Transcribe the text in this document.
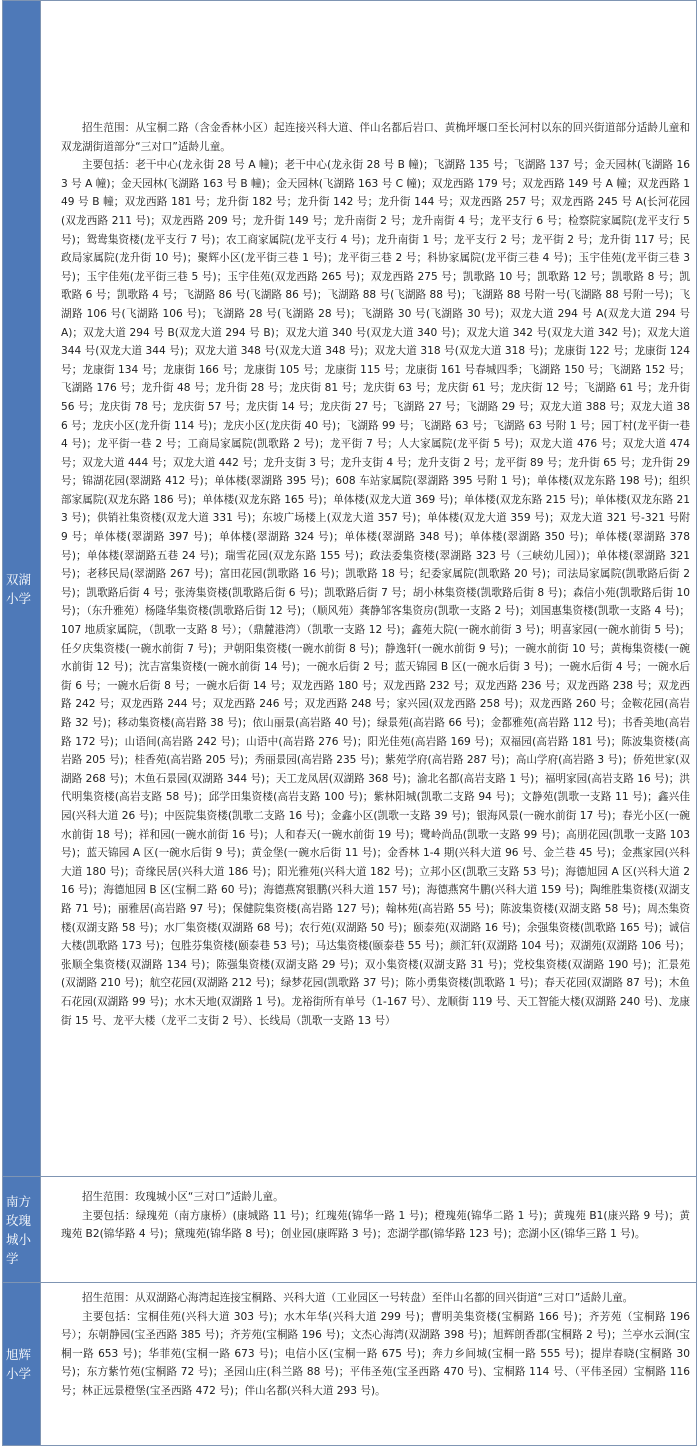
双湖小学

招生范围：从宝桐二路（含金香林小区）起连接兴科大道、伴山名都后岩口、黄桷坪堰口至长河村以东的回兴街道部分适龄儿童和双龙湖街道部分“三对口”适龄儿童。

主要包括：老干中心(龙永街 28 号 A 幢)；老干中心(龙永街 28 号 B 幢)；飞湖路 135 号；飞湖路 137 号；金天园林(飞湖路 163 号 A 幢)；金天园林(飞湖路 163 号 B 幢)；金天园林(飞湖路 163 号 C 幢)；双龙西路 179 号；双龙西路 149 号 A 幢；双龙西路 149 号 B 幢；双龙西路 181 号；龙升街 182 号；龙升街 142 号；龙升街 144 号；双龙西路 257 号；双龙西路 245 号 A(长河花园(双龙西路 211 号)；双龙西路 209 号；龙升街 149 号；龙升南街 2 号；龙升南街 4 号；龙平支行 6 号；检察院家属院(龙平支行 5 号)；鸳鸯集资楼(龙平支行 7 号)；农工商家属院(龙平支行 4 号)；龙升南街 1 号；龙平支行 2 号；龙平街 2 号；龙升街 117 号；民政局家属院(龙升街 10 号)；聚辉小区(龙平街三巷 1 号)；龙平街三巷 2 号；科协家属院(龙平街三巷 4 号)；玉宇佳苑(龙平街三巷 3 号)；玉宇佳苑(龙平街三巷 5 号)；玉宇佳苑(双龙西路 265 号)；双龙西路 275 号；凯歌路 10 号；凯歌路 12 号；凯歌路 8 号；凯歌路 6 号；凯歌路 4 号；飞湖路 86 号(飞湖路 86 号)；飞湖路 88 号(飞湖路 88 号)；飞湖路 88 号附一号(飞湖路 88 号附一号)；飞湖路 106 号(飞湖路 106 号)；飞湖路 28 号(飞湖路 28 号)；飞湖路 30 号(飞湖路 30 号)；双龙大道 294 号 A(双龙大道 294 号 A)；双龙大道 294 号 B(双龙大道 294 号 B)；双龙大道 340 号(双龙大道 340 号)；双龙大道 342 号(双龙大道 342 号)；双龙大道 344 号(双龙大道 344 号)；双龙大道 348 号(双龙大道 348 号)；双龙大道 318 号(双龙大道 318 号)；龙康街 122 号；龙康街 124 号；龙康街 134 号；龙康街 166 号；龙康街 105 号；龙康街 115 号；龙康街 161 号春城四季；飞湖路 150 号；飞湖路 152 号；飞湖路 176 号；龙升街 48 号；龙升街 28 号；龙庆街 81 号；龙庆街 63 号；龙庆街 61 号；龙庆街 12 号；飞湖路 61 号；龙升街 56 号；龙庆街 78 号；龙庆街 57 号；龙庆街 14 号；龙庆街 27 号；飞湖路 27 号；飞湖路 29 号；双龙大道 388 号；双龙大道 386 号；龙庆小区(龙升街 114 号)；龙庆小区(龙庆街 40 号)；飞湖路 99 号；飞湖路 63 号；飞湖路 63 号附 1 号；园丁村(龙平街一巷 4 号)；龙平街一巷 2 号；工商局家属院(凯歌路 2 号)；龙平街 7 号；人大家属院(龙平街 5 号)；双龙大道 476 号；双龙大道 474 号；双龙大道 444 号；双龙大道 442 号；龙升支街 3 号；龙升支街 4 号；龙升支街 2 号；龙平街 89 号；龙升街 65 号；龙升街 29 号；锦湖花园(翠湖路 412 号)；单体楼(翠湖路 395 号)；608 车站家属院(翠湖路 395 号附 1 号)；单体楼(双龙东路 198 号)；组织部家属院(双龙东路 186 号)；单体楼(双龙东路 165 号)；单体楼(双龙大道 369 号)；单体楼(双龙东路 215 号)；单体楼(双龙东路 213 号)；供销社集资楼(双龙大道 331 号)；东坡广场楼上(双龙大道 357 号)；单体楼(双龙大道 359 号)；双龙大道 321 号-321 号附 9 号；单体楼(翠湖路 397 号)；单体楼(翠湖路 324 号)；单体楼(翠湖路 348 号)；单体楼(翠湖路 350 号)；单体楼(翠湖路 378 号)；单体楼(翠湖路五巷 24 号)；瑞雪花园(双龙东路 155 号)；政法委集资楼(翠湖路 323 号（三峡幼儿园）)；单体楼(翠湖路 321 号)；老移民局(翠湖路 267 号)；富田花园(凯歌路 16 号)；凯歌路 18 号；纪委家属院(凯歌路 20 号)；司法局家属院(凯歌路后街 2 号)；凯歌路后街 4 号；张涛集资楼(凯歌路后街 6 号)；凯歌路后街 7 号；胡小林集资楼(凯歌路后街 8 号)；森信小苑(凯歌路后街 10 号)；（东升雅苑）杨隆华集资楼(凯歌路后街 12 号)；（顺风苑）龚静邹客集资房(凯歌一支路 2 号)；刘国惠集资楼(凯歌一支路 4 号)；107 地质家属院，（凯歌一支路 8 号）；（鼎麓港湾）（凯歌一支路 12 号)；鑫苑大院(一碗水前街 3 号)；明喜家园(一碗水前街 5 号)；任夕庆集资楼(一碗水前街 7 号)；尹朝阳集资楼(一碗水前街 8 号)；静逸轩(一碗水前街 9 号)；一碗水前街 10 号；黄梅集资楼(一碗水前街 12 号)；沈吉富集资楼(一碗水前街 14 号)；一碗水后街 2 号；蓝天锦园 B 区(一碗水后街 3 号)；一碗水后街 4 号；一碗水后街 6 号；一碗水后街 8 号；一碗水后街 14 号；双龙西路 180 号；双龙西路 232 号；双龙西路 236 号；双龙西路 238 号；双龙西路 242 号；双龙西路 244 号；双龙西路 246 号；双龙西路 248 号；家兴园(双龙西路 258 号)；双龙西路 260 号；金鞍花园(高岩路 32 号)；移动集资楼(高岩路 38 号)；依山丽景(高岩路 40 号)；绿景苑(高岩路 66 号)；金都雅苑(高岩路 112 号)；书香美地(高岩路 172 号)；山语间(高岩路 242 号)；山语中(高岩路 276 号)；阳光佳苑(高岩路 169 号)；双福园(高岩路 181 号)；陈波集资楼(高岩路 205 号)；桂香苑(高岩路 205 号)；秀丽景园(高岩路 235 号)；紫苑学府(高岩路 287 号)；高山学府(高岩路 3 号)；侨苑世家(双湖路 268 号)；木鱼石景园(双湖路 344 号)；天工龙凤居(双湖路 368 号)；渝北名都(高岩支路 1 号)；福明家园(高岩支路 16 号)；洪代明集资楼(高岩支路 58 号)；邱学田集资楼(高岩支路 100 号)；紫林阳城(凯歌二支路 94 号)；文静苑(凯歌一支路 11 号)；鑫兴佳园(兴科大道 26 号)；中医院集资楼(凯歌二支路 16 号)；金鑫小区(凯歌一支路 39 号)；银海风景(一碗水前街 17 号)；春光小区(一碗水前街 18 号)；祥和园(一碗水前街 16 号)；人和春天(一碗水前街 19 号)；鹭岭尚品(凯歌一支路 99 号)；高朋花园(凯歌一支路 103 号)；蓝天锦园 A 区(一碗水后街 9 号)；黄金堡(一碗水后街 11 号)；金香林 1-4 期(兴科大道 96 号、金兰巷 45 号)；金燕家园(兴科大道 180 号)；奇缘民居(兴科大道 186 号)；阳光雅苑(兴科大道 182 号)；立邦小区(凯歌三支路 53 号)；海德旭园 A 区(兴科大道 216 号)；海德旭园 B 区(宝桐二路 60 号)；海德燕窝银鹏(兴科大道 157 号)；海德燕窝牛鹏(兴科大道 159 号)；陶维胜集资楼(双湖支路 71 号)；丽雅居(高岩路 97 号)；保健院集资楼(高岩路 127 号)；翰林苑(高岩路 55 号)；陈波集资楼(双湖支路 58 号)；周杰集资楼(双湖支路 58 号)；水厂集资楼(双湖路 68 号)；农行苑(双湖路 50 号)；颐泰苑(双湖路 16 号)；余强集资楼(凯歌路 165 号)；诚信大楼(凯歌路 173 号)；包胜芬集资楼(颐泰巷 53 号)；马达集资楼(颐泰巷 55 号)；颜汇轩(双湖路 104 号)；双湖苑(双湖路 106 号)；张顺全集资楼(双湖路 134 号)；陈强集资楼(双湖支路 29 号)；双小集资楼(双湖支路 31 号)；党校集资楼(双湖路 190 号)；汇景苑(双湖路 210 号)；航空花园(双湖路 212 号)；绿梦花园(凯歌路 37 号)；陈小勇集资楼(凯歌路 1 号)；春天花园(双湖路 87 号)；木鱼石花园(双湖路 99 号)；水木天地(双湖路 1 号)。龙裕街所有单号（1-167 号）、龙顺街 119 号、天工智能大楼(双湖路 240 号)、龙康街 15 号、龙平大楼（龙平二支街 2 号）、长线局（凯歌一支路 13 号）

南方玫瑰城小学

招生范围：玫瑰城小区“三对口”适龄儿童。

主要包括：绿瑰苑（南方康桥）(康城路 11 号)；红瑰苑(锦华一路 1 号)；橙瑰苑(锦华二路 1 号)；黄瑰苑 B1(康兴路 9 号)；黄瑰苑 B2(锦华路 4 号)；黛瑰苑(锦华路 8 号)；创业园(康晖路 3 号)；恋湖学郡(锦华路 123 号)；恋湖小区(锦华三路 1 号)。

旭辉小学

招生范围：从双湖路心海湾起连接宝桐路、兴科大道（工业园区一号转盘）至伴山名都的回兴街道“三对口”适龄儿童。

主要包括：宝桐佳苑(兴科大道 303 号)；水木年华(兴科大道 299 号)；曹明美集资楼(宝桐路 166 号)；齐芳苑（宝桐路 196 号）；东朝静园(宝圣西路 385 号)；齐芳苑(宝桐路 196 号)；文杰心海湾(双湖路 398 号)；旭辉朗香郡(宝桐路 2 号)；兰亭水云涧(宝桐一路 653 号)；华菲苑(宝桐一路 673 号)；电信小区(宝桐一路 675 号)；奔力乡间城(宝桐一路 555 号)；提岸春晓(宝桐路 30 号)；东方紫竹苑(宝桐路 72 号)；圣园山庄(科兰路 88 号)；平伟圣苑(宝圣西路 470 号)、宝桐路 114 号、（平伟圣园）宝桐路 116 号；林正远景橙堡(宝圣西路 472 号)；伴山名都(兴科大道 293 号)。
